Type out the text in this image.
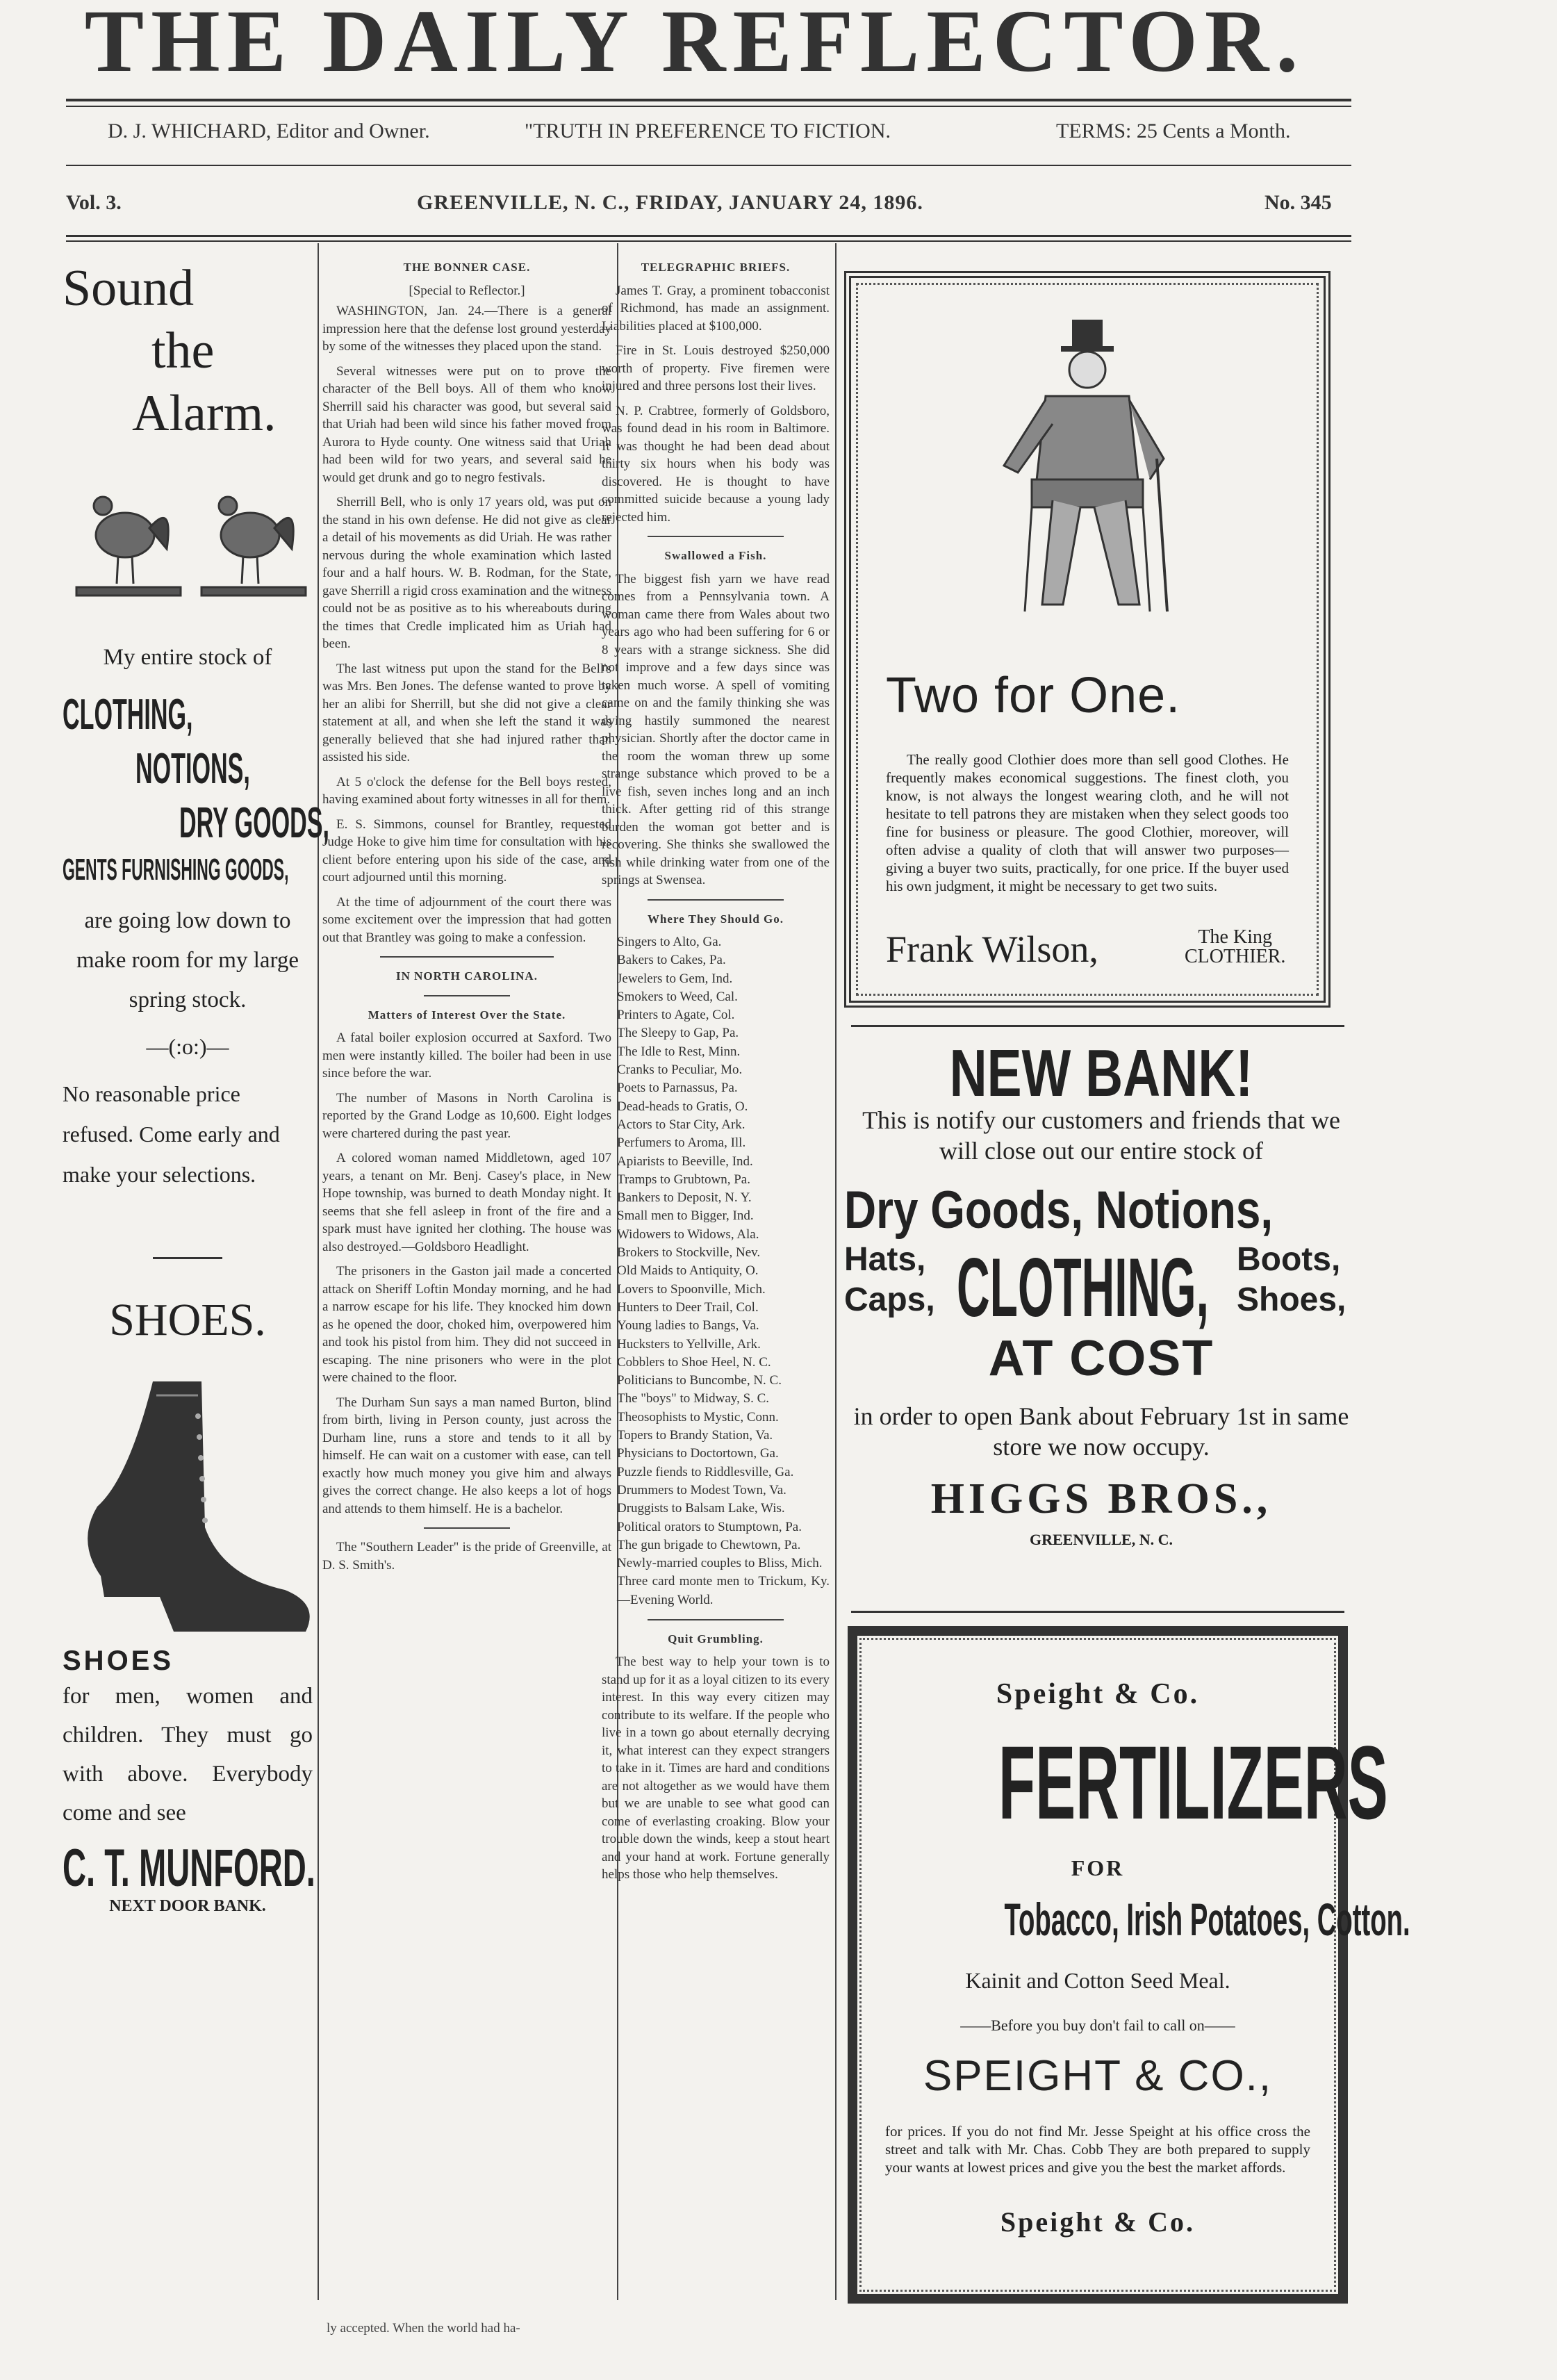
THE DAILY REFLECTOR.
D. J. WHICHARD, Editor and Owner.	"TRUTH IN PREFERENCE TO FICTION.	TERMS: 25 Cents a Month.
Vol. 3.	GREENVILLE, N. C., FRIDAY, JANUARY 24, 1896.	No. 345
Sound
the
Alarm.
My entire stock of
CLOTHING,
NOTIONS,
DRY GOODS,
GENTS FURNISHING GOODS,
are going low down to make room for my large spring stock.
—(:o:)—
No reasonable price refused. Come early and make your selections.
SHOES.
SHOES
for men, women and children. They must go with above. Everybody come and see
C. T. MUNFORD.
NEXT DOOR BANK.
THE BONNER CASE.
[Special to Reflector.]

WASHINGTON, Jan. 24.—There is a general impression here that the defense lost ground yesterday by some of the witnesses they placed upon the stand.

Several witnesses were put on to prove the character of the Bell boys. All of them who know Sherrill said his character was good, but several said that Uriah had been wild since his father moved from Aurora to Hyde county. One witness said that Uriah had been wild for two years, and several said he would get drunk and go to negro festivals.

Sherrill Bell, who is only 17 years old, was put on the stand in his own defense. He did not give as clear a detail of his movements as did Uriah. He was rather nervous during the whole examination which lasted four and a half hours. W. B. Rodman, for the State, gave Sherrill a rigid cross examination and the witness could not be as positive as to his whereabouts during the times that Credle implicated him as Uriah had been.

The last witness put upon the stand for the Bell's was Mrs. Ben Jones. The defense wanted to prove by her an alibi for Sherrill, but she did not give a clear statement at all, and when she left the stand it was generally believed that she had injured rather than assisted his side.

At 5 o'clock the defense for the Bell boys rested, having examined about forty witnesses in all for them.

E. S. Simmons, counsel for Brantley, requested Judge Hoke to give him time for consultation with his client before entering upon his side of the case, and court adjourned until this morning.

At the time of adjournment of the court there was some excitement over the impression that had gotten out that Brantley was going to make a confession.

IN NORTH CAROLINA.
Matters of Interest Over the State.

A fatal boiler explosion occurred at Saxford. Two men were instantly killed. The boiler had been in use since before the war.

The number of Masons in North Carolina is reported by the Grand Lodge as 10,600. Eight lodges were chartered during the past year.

A colored woman named Middletown, aged 107 years, a tenant on Mr. Benj. Casey's place, in New Hope township, was burned to death Monday night. It seems that she fell asleep in front of the fire and a spark must have ignited her clothing. The house was also destroyed.—Goldsboro Headlight.

The prisoners in the Gaston jail made a concerted attack on Sheriff Loftin Monday morning, and he had a narrow escape for his life. They knocked him down as he opened the door, choked him, overpowered him and took his pistol from him. They did not succeed in escaping. The nine prisoners who were in the plot were chained to the floor.

The Durham Sun says a man named Burton, blind from birth, living in Person county, just across the Durham line, runs a store and tends to it all by himself. He can wait on a customer with ease, can tell exactly how much money you give him and always gives the correct change. He also keeps a lot of hogs and attends to them himself. He is a bachelor.

The "Southern Leader" is the pride of Greenville, at D. S. Smith's.

ly accepted. When the world had ha-
TELEGRAPHIC BRIEFS.

James T. Gray, a prominent tobacconist of Richmond, has made an assignment. Liabilities placed at $100,000.

Fire in St. Louis destroyed $250,000 worth of property. Five firemen were injured and three persons lost their lives.

N. P. Crabtree, formerly of Goldsboro, was found dead in his room in Baltimore. It was thought he had been dead about thirty six hours when his body was discovered. He is thought to have committed suicide because a young lady rejected him.

Swallowed a Fish.

The biggest fish yarn we have read comes from a Pennsylvania town. A woman came there from Wales about two years ago who had been suffering for 6 or 8 years with a strange sickness. She did not improve and a few days since was taken much worse. A spell of vomiting came on and the family thinking she was dying hastily summoned the nearest physician. Shortly after the doctor came in the room the woman threw up some strange substance which proved to be a live fish, seven inches long and an inch thick. After getting rid of this strange burden the woman got better and is recovering. She thinks she swallowed the fish while drinking water from one of the springs at Swensea.

Where They Should Go.
Singers to Alto, Ga.
Bakers to Cakes, Pa.
Jewelers to Gem, Ind.
Smokers to Weed, Cal.
Printers to Agate, Col.
The Sleepy to Gap, Pa.
The Idle to Rest, Minn.
Cranks to Peculiar, Mo.
Poets to Parnassus, Pa.
Dead-heads to Gratis, O.
Actors to Star City, Ark.
Perfumers to Aroma, Ill.
Apiarists to Beeville, Ind.
Tramps to Grubtown, Pa.
Bankers to Deposit, N. Y.
Small men to Bigger, Ind.
Widowers to Widows, Ala.
Brokers to Stockville, Nev.
Old Maids to Antiquity, O.
Lovers to Spoonville, Mich.
Hunters to Deer Trail, Col.
Young ladies to Bangs, Va.
Hucksters to Yellville, Ark.
Cobblers to Shoe Heel, N. C.
Politicians to Buncombe, N. C.
The "boys" to Midway, S. C.
Theosophists to Mystic, Conn.
Topers to Brandy Station, Va.
Physicians to Doctortown, Ga.
Puzzle fiends to Riddlesville, Ga.
Drummers to Modest Town, Va.
Druggists to Balsam Lake, Wis.
Political orators to Stumptown, Pa.
The gun brigade to Chewtown, Pa.
Newly-married couples to Bliss, Mich.
Three card monte men to Trickum, Ky.—Evening World.
Quit Grumbling.

The best way to help your town is to stand up for it as a loyal citizen to its every interest. In this way every citizen may contribute to its welfare. If the people who live in a town go about eternally decrying it, what interest can they expect strangers to take in it. Times are hard and conditions are not altogether as we would have them but we are unable to see what good can come of everlasting croaking. Blow your trouble down the winds, keep a stout heart and your hand at work. Fortune generally helps those who help themselves.

Two for One.
The really good Clothier does more than sell good Clothes. He frequently makes economical suggestions. The finest cloth, you know, is not always the longest wearing cloth, and he will not hesitate to tell patrons they are mistaken when they select goods too fine for business or pleasure. The good Clothier, moreover, will often advise a quality of cloth that will answer two purposes—giving a buyer two suits, practically, for one price. If the buyer used his own judgment, it might be necessary to get two suits.
Frank Wilson,	The King
CLOTHIER.
NEW BANK!
This is notify our customers and friends that we will close out our entire stock of
Dry Goods, Notions,
Hats,
Caps, CLOTHING, Boots,
Shoes,
AT COST
in order to open Bank about February 1st in same store we now occupy.
HIGGS BROS.,
GREENVILLE, N. C.
Speight & Co.
FERTILIZERS
FOR
Tobacco, Irish Potatoes, Cotton.
Kainit and Cotton Seed Meal.
——Before you buy don't fail to call on——
SPEIGHT & CO.,
for prices. If you do not find Mr. Jesse Speight at his office cross the street and talk with Mr. Chas. Cobb They are both prepared to supply your wants at lowest prices and give you the best the market affords.
Speight & Co.
